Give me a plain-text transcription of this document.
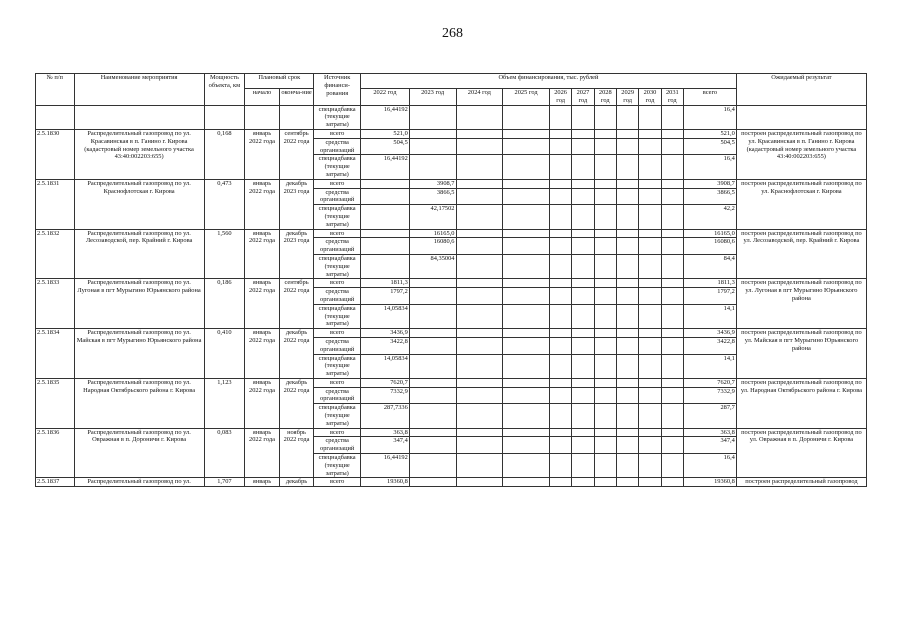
268
№ п/п	Наименование мероприятия	Мощность объекта, км	Плановый срок		Источник финанси-рования	Объем финансирования, тыс. рублей											Ожидаемый результат
			начало	оконча-ние		2022 год	2023 год	2024 год	2025 год	2026 год	2027 год	2028 год	2029 год	2030 год	2031 год	всего	
					спецнадбавка (текущие затраты)	16,44192										16,4	
2.5.1830	Распределительный газопровод по ул. Красавинская в п. Ганино г. Кирова (кадастровый номер земельного участка 43:40:002203:655)	0,168	январь 2022 года	сентябрь 2022 года	всего	521,0										521,0	построен распределительный газопровод по ул. Красавинская в п. Ганино г. Кирова (кадастровый номер земельного участка 43:40:002203:655)
					средства организаций	504,5										504,5	
					спецнадбавка (текущие затраты)	16,44192										16,4	
2.5.1831	Распределительный газопровод по ул. Краснофлотская г. Кирова	0,473	январь 2022 года	декабрь 2023 года	всего		3908,7									3908,7	построен распределительный газопровод по ул. Краснофлотская г. Кирова
					средства организаций		3866,5									3866,5	
					спецнадбавка (текущие затраты)		42,17502									42,2	
2.5.1832	Распределительный газопровод по ул. Лесозаводской, пер. Крайний г. Кирова	1,560	январь 2022 года	декабрь 2023 года	всего		16165,0									16165,0	построен распределительный газопровод по ул. Лесозаводской, пер. Крайний г. Кирова
					средства организаций		16080,6									16080,6	
					спецнадбавка (текущие затраты)		84,35004									84,4	
2.5.1833	Распределительный газопровод по ул. Лугоная в пгт Мурыгино Юрьянского района	0,186	январь 2022 года	сентябрь 2022 года	всего	1811,3										1811,3	построен распределительный газопровод по ул. Лугоная в пгт Мурыгино Юрьянского района
					средства организаций	1797,2										1797,2	
					спецнадбавка (текущие затраты)	14,05834										14,1	
2.5.1834	Распределительный газопровод по ул. Майская в пгт Мурыгино Юрьянского района	0,410	январь 2022 года	декабрь 2022 года	всего	3436,9										3436,9	построен распределительный газопровод по ул. Майская в пгт Мурыгино Юрьянского района
					средства организаций	3422,8										3422,8	
					спецнадбавка (текущие затраты)	14,05834										14,1	
2.5.1835	Распределительный газопровод по ул. Народная Октябрьского района г. Кирова	1,123	январь 2022 года	декабрь 2022 года	всего	7620,7										7620,7	построен распределительный газопровод по ул. Народная Октябрьского района г. Кирова
					средства организаций	7332,9										7332,9	
					спецнадбавка (текущие затраты)	287,7336										287,7	
2.5.1836	Распределительный газопровод по ул. Овражная в п. Дороничи г. Кирова	0,083	январь 2022 года	ноябрь 2022 года	всего	363,8										363,8	построен распределительный газопровод по ул. Овражная в п. Дороничи г. Кирова
					средства организаций	347,4										347,4	
					спецнадбавка (текущие затраты)	16,44192										16,4	
2.5.1837	Распределительный газопровод по ул.	1,707	январь	декабрь	всего	19360,8										19360,8	построен распределительный газопровод
